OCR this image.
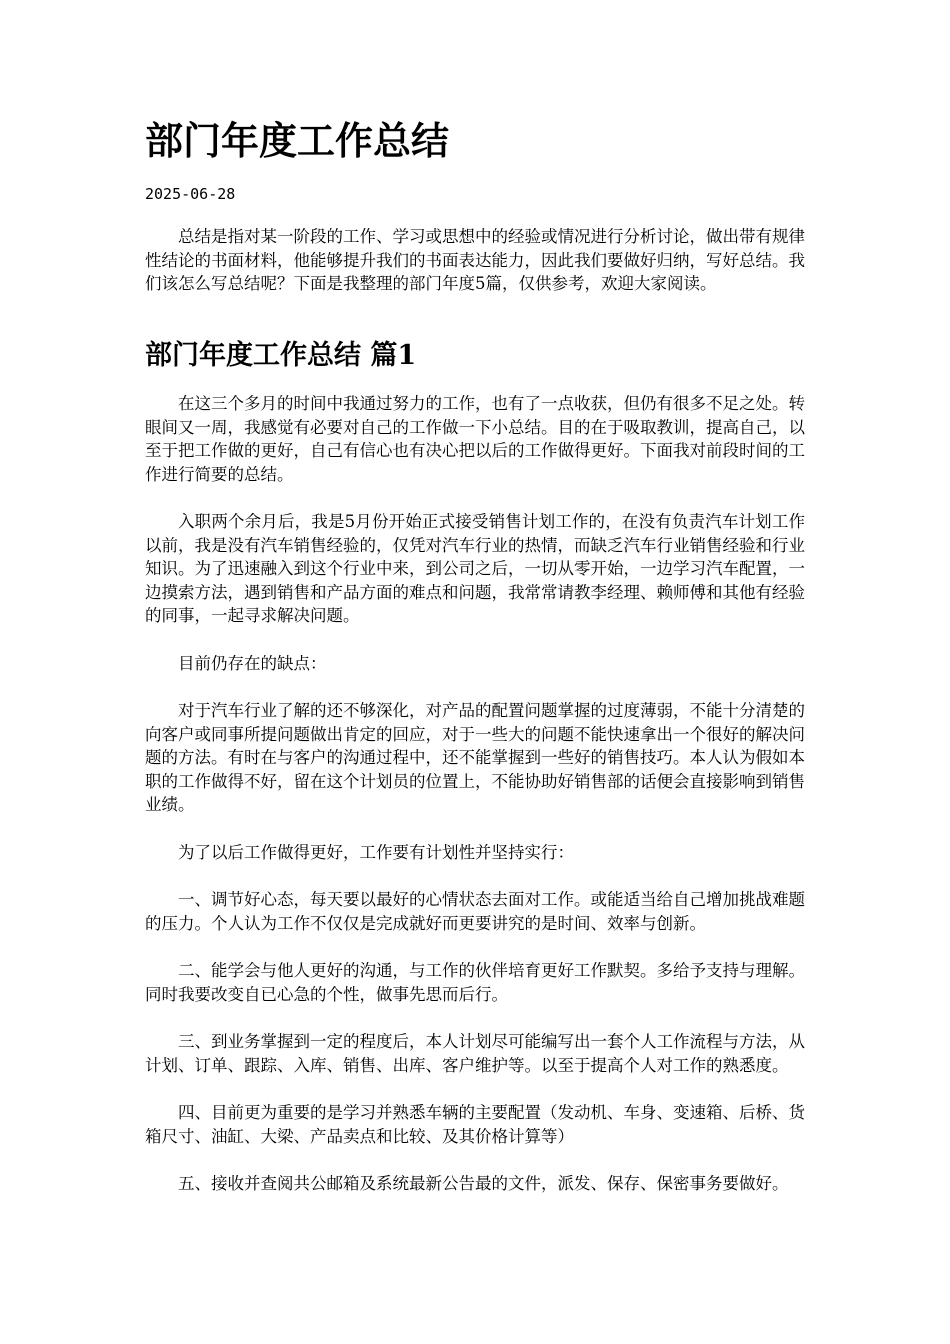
部门年度工作总结
2025-06-28

总结是指对某一阶段的工作、学习或思想中的经验或情况进行分析讨论，做出带有规律性结论的书面材料，他能够提升我们的书面表达能力，因此我们要做好归纳，写好总结。我们该怎么写总结呢？下面是我整理的部门年度5篇，仅供参考，欢迎大家阅读。

部门年度工作总结 篇1

在这三个多月的时间中我通过努力的工作，也有了一点收获，但仍有很多不足之处。转眼间又一周，我感觉有必要对自己的工作做一下小总结。目的在于吸取教训，提高自己，以至于把工作做的更好，自己有信心也有决心把以后的工作做得更好。下面我对前段时间的工作进行简要的总结。

入职两个余月后，我是5月份开始正式接受销售计划工作的，在没有负责汽车计划工作以前，我是没有汽车销售经验的，仅凭对汽车行业的热情，而缺乏汽车行业销售经验和行业知识。为了迅速融入到这个行业中来，到公司之后，一切从零开始，一边学习汽车配置，一边摸索方法，遇到销售和产品方面的难点和问题，我常常请教李经理、赖师傅和其他有经验的同事，一起寻求解决问题。

目前仍存在的缺点：

对于汽车行业了解的还不够深化，对产品的配置问题掌握的过度薄弱，不能十分清楚的向客户或同事所提问题做出肯定的回应，对于一些大的问题不能快速拿出一个很好的解决问题的方法。有时在与客户的沟通过程中，还不能掌握到一些好的销售技巧。本人认为假如本职的工作做得不好，留在这个计划员的位置上，不能协助好销售部的话便会直接影响到销售业绩。

为了以后工作做得更好，工作要有计划性并坚持实行：

一、调节好心态，每天要以最好的心情状态去面对工作。或能适当给自己增加挑战难题的压力。个人认为工作不仅仅是完成就好而更要讲究的是时间、效率与创新。

二、能学会与他人更好的沟通，与工作的伙伴培育更好工作默契。多给予支持与理解。同时我要改变自已心急的个性，做事先思而后行。

三、到业务掌握到一定的程度后，本人计划尽可能编写出一套个人工作流程与方法，从计划、订单、跟踪、入库、销售、出库、客户维护等。以至于提高个人对工作的熟悉度。

四、目前更为重要的是学习并熟悉车辆的主要配置（发动机、车身、变速箱、后桥、货箱尺寸、油缸、大梁、产品卖点和比较、及其价格计算等）

五、接收并查阅共公邮箱及系统最新公告最的文件，派发、保存、保密事务要做好。
